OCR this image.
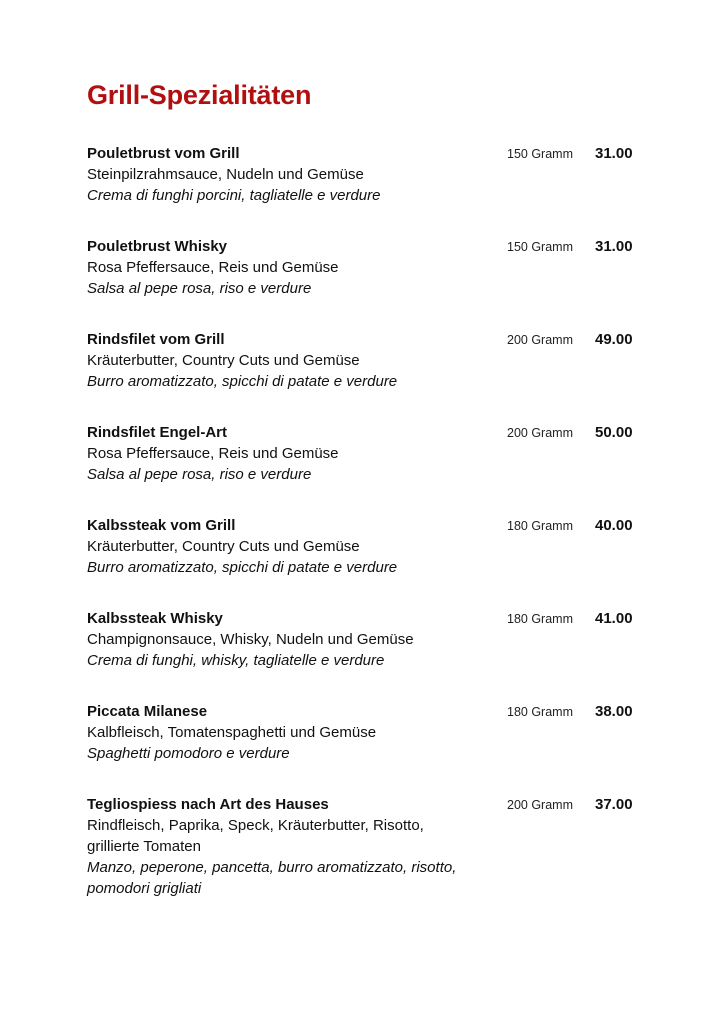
Grill-Spezialitäten
Pouletbrust vom Grill
Steinpilzrahmsauce, Nudeln und Gemüse
Crema di funghi porcini, tagliatelle e verdure
150 Gramm 31.00
Pouletbrust Whisky
Rosa Pfeffersauce, Reis und Gemüse
Salsa al pepe rosa, riso e verdure
150 Gramm 31.00
Rindsfilet vom Grill
Kräuterbutter, Country Cuts und Gemüse
Burro aromatizzato, spicchi di patate e verdure
200 Gramm 49.00
Rindsfilet Engel-Art
Rosa Pfeffersauce, Reis und Gemüse
Salsa al pepe rosa, riso e verdure
200 Gramm 50.00
Kalbssteak vom Grill
Kräuterbutter, Country Cuts und Gemüse
Burro aromatizzato, spicchi di patate e verdure
180 Gramm 40.00
Kalbssteak Whisky
Champignonsauce, Whisky, Nudeln und Gemüse
Crema di funghi, whisky, tagliatelle e verdure
180 Gramm 41.00
Piccata Milanese
Kalbfleisch, Tomatenspaghetti und Gemüse
Spaghetti pomodoro e verdure
180 Gramm 38.00
Tegliospiess nach Art des Hauses
Rindfleisch, Paprika, Speck, Kräuterbutter, Risotto, grillierte Tomaten
Manzo, peperone, pancetta, burro aromatizzato, risotto, pomodori grigliati
200 Gramm 37.00
